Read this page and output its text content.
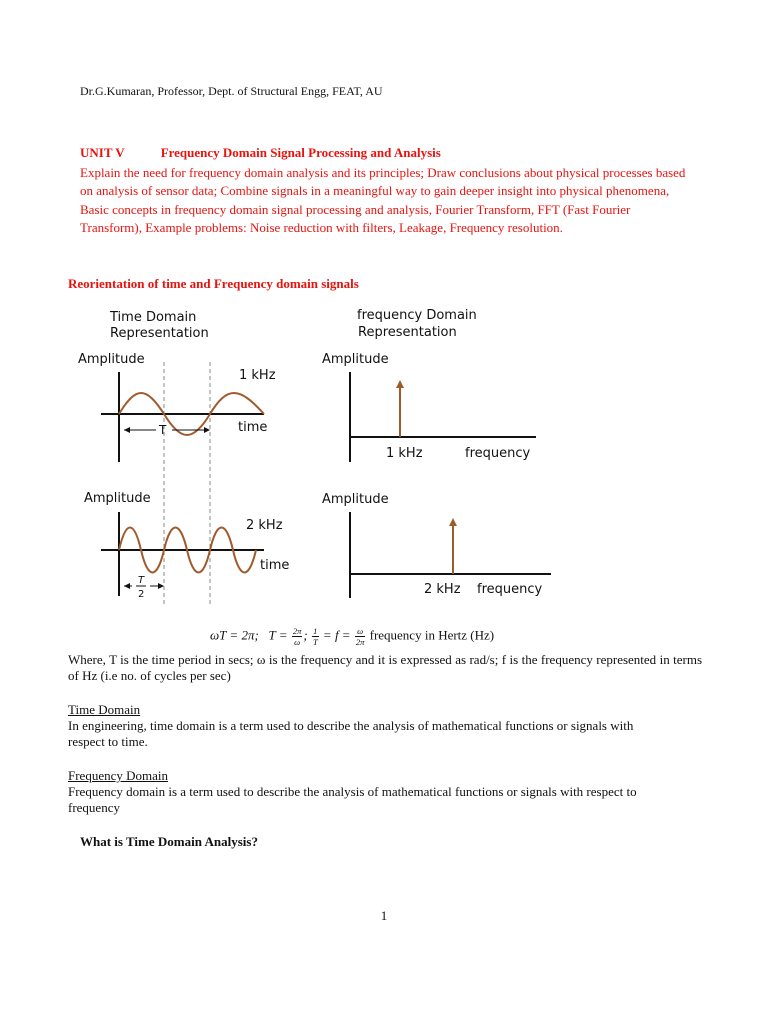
Dr.G.Kumaran, Professor, Dept. of Structural Engg, FEAT, AU
UNIT V	Frequency Domain Signal Processing and Analysis
Explain the need for frequency domain analysis and its principles; Draw conclusions about physical processes based on analysis of sensor data; Combine signals in a meaningful way to gain deeper insight into physical phenomena, Basic concepts in frequency domain signal processing and analysis, Fourier Transform, FFT (Fast Fourier Transform), Example problems: Noise reduction with filters, Leakage, Frequency resolution.
Reorientation of time and Frequency domain signals
Time Domain
Representation
frequency Domain
Representation
Amplitude
1 kHz
time
T
Amplitude
1 kHz	frequency
Amplitude
2 kHz
time
T
2
Amplitude
2 kHz frequency
ωT = 2π; $T = \frac{2\pi}{\omega}$ ; $\frac{1}{T} = f = \frac{\omega}{2\pi}$ frequency in Hertz (Hz)
Where, T is the time period in secs; ω is the frequency and it is expressed as rad/s; f is the frequency represented in terms of Hz (i.e no. of cycles per sec)
Time Domain
In engineering, time domain is a term used to describe the analysis of mathematical functions or signals with respect to time.
Frequency Domain
Frequency domain is a term used to describe the analysis of mathematical functions or signals with respect to frequency
What is Time Domain Analysis?
1
